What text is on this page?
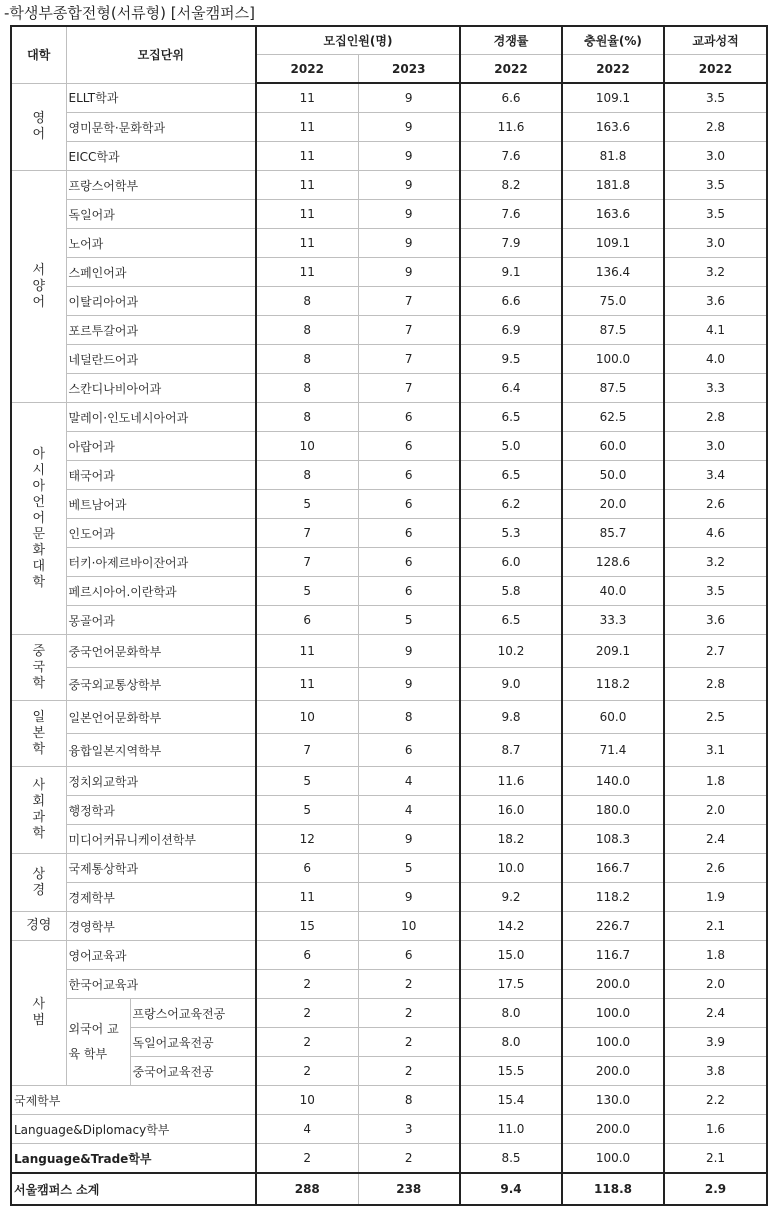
-학생부종합전형(서류형) [서울캠퍼스]
대학	모집단위		모집인원(명)		경쟁률	충원율(%)	교과성적
			2022	2023	2022	2022	2022
영어	ELLT학과		11	9	6.6	109.1	3.5
	영미문학·문화학과		11	9	11.6	163.6	2.8
	EICC학과		11	9	7.6	81.8	3.0
서양어	프랑스어학부		11	9	8.2	181.8	3.5
	독일어과		11	9	7.6	163.6	3.5
	노어과		11	9	7.9	109.1	3.0
	스페인어과		11	9	9.1	136.4	3.2
	이탈리아어과		8	7	6.6	75.0	3.6
	포르투갈어과		8	7	6.9	87.5	4.1
	네덜란드어과		8	7	9.5	100.0	4.0
	스칸디나비아어과		8	7	6.4	87.5	3.3
아시아언어문화대학	말레이·인도네시아어과		8	6	6.5	62.5	2.8
	아랍어과		10	6	5.0	60.0	3.0
	태국어과		8	6	6.5	50.0	3.4
	베트남어과		5	6	6.2	20.0	2.6
	인도어과		7	6	5.3	85.7	4.6
	터키·아제르바이잔어과		7	6	6.0	128.6	3.2
	페르시아어.이란학과		5	6	5.8	40.0	3.5
	몽골어과		6	5	6.5	33.3	3.6
중국학	중국언어문화학부		11	9	10.2	209.1	2.7
	중국외교통상학부		11	9	9.0	118.2	2.8
일본학	일본언어문화학부		10	8	9.8	60.0	2.5
	융합일본지역학부		7	6	8.7	71.4	3.1
사회과학	정치외교학과		5	4	11.6	140.0	1.8
	행정학과		5	4	16.0	180.0	2.0
	미디어커뮤니케이션학부		12	9	18.2	108.3	2.4
상경	국제통상학과		6	5	10.0	166.7	2.6
	경제학부		11	9	9.2	118.2	1.9
경영	경영학부		15	10	14.2	226.7	2.1
사범	영어교육과		6	6	15.0	116.7	1.8
	한국어교육과		2	2	17.5	200.0	2.0
	외국어 교육 학부	프랑스어교육전공	2	2	8.0	100.0	2.4
		독일어교육전공	2	2	8.0	100.0	3.9
		중국어교육전공	2	2	15.5	200.0	3.8
국제학부			10	8	15.4	130.0	2.2
Language&Diplomacy학부			4	3	11.0	200.0	1.6
Language&Trade학부			2	2	8.5	100.0	2.1
서울캠퍼스 소계			288	238	9.4	118.8	2.9
